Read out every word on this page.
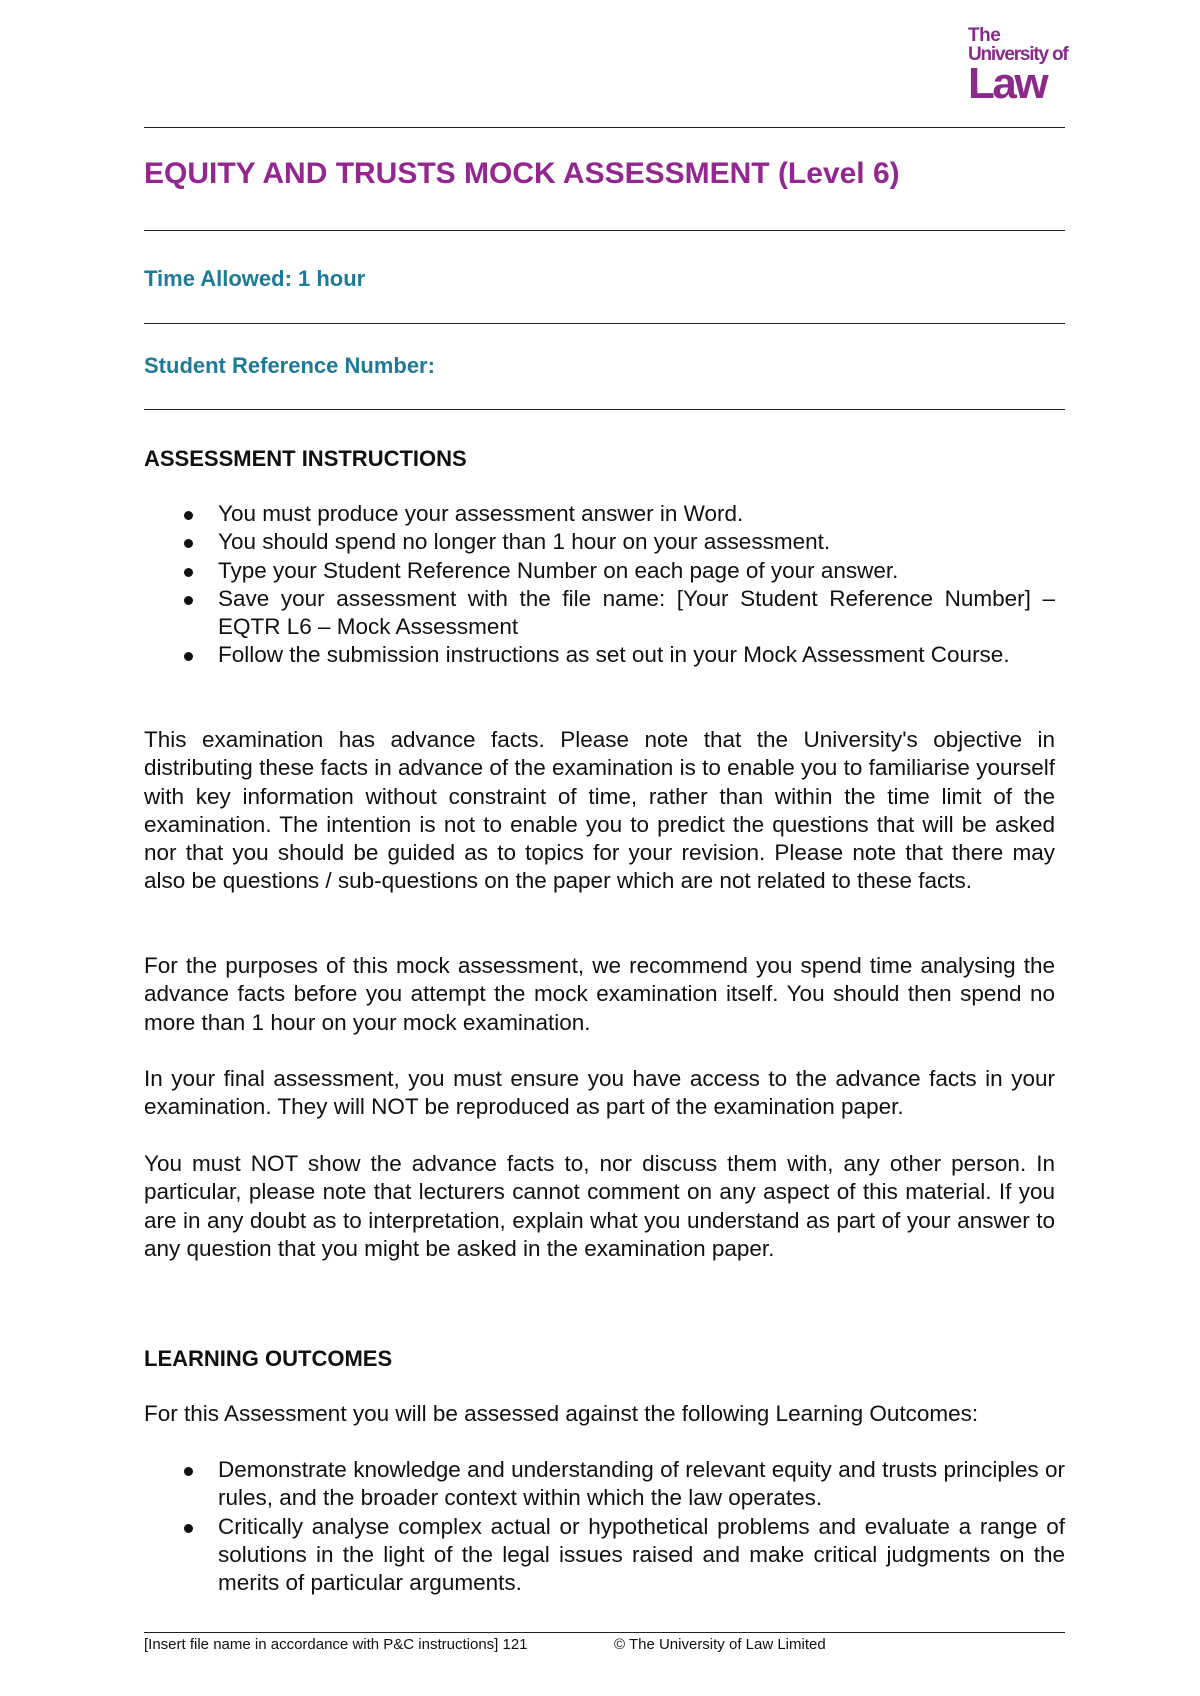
The
University of
Law
EQUITY AND TRUSTS MOCK ASSESSMENT (Level 6)
Time Allowed: 1 hour
Student Reference Number:
ASSESSMENT INSTRUCTIONS
You must produce your assessment answer in Word.
You should spend no longer than 1 hour on your assessment.
Type your Student Reference Number on each page of your answer.
Save your assessment with the file name: [Your Student Reference Number] – EQTR L6 – Mock Assessment
Follow the submission instructions as set out in your Mock Assessment Course.

This examination has advance facts. Please note that the University's objective in distributing these facts in advance of the examination is to enable you to familiarise yourself with key information without constraint of time, rather than within the time limit of the examination. The intention is not to enable you to predict the questions that will be asked nor that you should be guided as to topics for your revision. Please note that there may also be questions / sub-questions on the paper which are not related to these facts.

For the purposes of this mock assessment, we recommend you spend time analysing the advance facts before you attempt the mock examination itself. You should then spend no more than 1 hour on your mock examination.

In your final assessment, you must ensure you have access to the advance facts in your examination. They will NOT be reproduced as part of the examination paper.

You must NOT show the advance facts to, nor discuss them with, any other person. In particular, please note that lecturers cannot comment on any aspect of this material. If you are in any doubt as to interpretation, explain what you understand as part of your answer to any question that you might be asked in the examination paper.

LEARNING OUTCOMES

For this Assessment you will be assessed against the following Learning Outcomes:

Demonstrate knowledge and understanding of relevant equity and trusts principles or rules, and the broader context within which the law operates.
Critically analyse complex actual or hypothetical problems and evaluate a range of solutions in the light of the legal issues raised and make critical judgments on the merits of particular arguments.
[Insert file name in accordance with P&C instructions] 121	© The University of Law Limited
